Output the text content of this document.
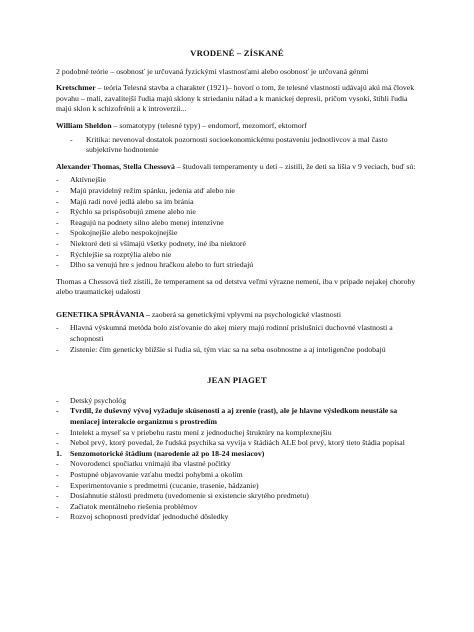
VRODENÉ – ZÍSKANÉ

2 podobné teórie – osobnosť je určovaná fyzickými vlastnosťami alebo osobnosť je určovaná génmi

Kretschmer – teória Telesná stavba a charakter (1921)– hovorí o tom, že telesné vlastnosti udávajú akú má človek povahu – malí, zavalitejší ľudia majú sklony k striedaniu nálad a k manickej depresii, pričom vysokí, štíhli ľudia majú sklon k schizofrénii a k introverzii...

William Sheldon – somatotypy (telesné typy) – endomorf, mezomorf, ektomorf

- Kritika: nevenoval dostatok pozornosti socioekonomickému postaveniu jednotlivcov a mal často subjektívne hodnotenie

Alexander Thomas, Stella Chessová – študovali temperamenty u detí – zistili, že deti sa líšia v 9 veciach, buď sú:

- Aktívnejšie
- Majú pravidelný režim spánku, jedenia atď alebo nie
- Majú radi nové jedlá alebo sa im bránia
- Rýchlo sa prispôsobujú zmene alebo nie
- Reagujú na podnety silno alebo menej intenzívne
- Spokojnejšie alebo nespokojnejšie
- Niektoré deti si všímajú všetky podnety, iné iba niektoré
- Rýchlejšie sa rozptýlia alebo nie
- Dlho sa venujú hre s jednou hračkou alebo to furt striedajú

Thomas a Chessová tiež zistili, že temperament sa od detstva veľmi výrazne nemení, iba v prípade nejakej choroby alebo traumatickej udalosti

GENETIKA SPRÁVANIA – zaoberá sa genetickými vplyvmi na psychologické vlastnosti

- Hlavná výskumná metóda bolo zisťovanie do akej miery majú rodinní príslušníci duchovné vlastnosti a schopnosti
- Zistenie: čím geneticky bližšie si ľudia sú, tým viac sa na seba osobnostne a aj inteligenčne podobajú
JEAN PIAGET
- Detský psychológ
- Tvrdil, že duševný vývoj vyžaduje skúsenosti a aj zrenie (rast), ale je hlavne výsledkom neustále sa meniacej interakcie organizmu s prostredím
- Intelekt a myseľ sa v priebehu rastu mení z jednoduchej štruktúry na komplexnejšiu
- Nebol prvý, ktorý povedal, že ľudská psychika sa vyvíja v štádiách ALE bol prvý, ktorý tieto štádia popísal
1. Senzomotorické štádium (narodenie až po 18-24 mesiacov)
- Novorodenci spočiatku vnímajú iba vlastné počitky
- Postupné objavovanie vzťahu medzi pohybmi a okolím
- Experimentovanie s predmetmi (cucanie, trasenie, hádzanie)
- Dosiahnutie stálosti predmetu (uvedomenie si existencie skrytého predmetu)
- Začiatok mentálneho riešenia problémov
- Rozvoj schopnosti predvídať jednoduché dôsledky
